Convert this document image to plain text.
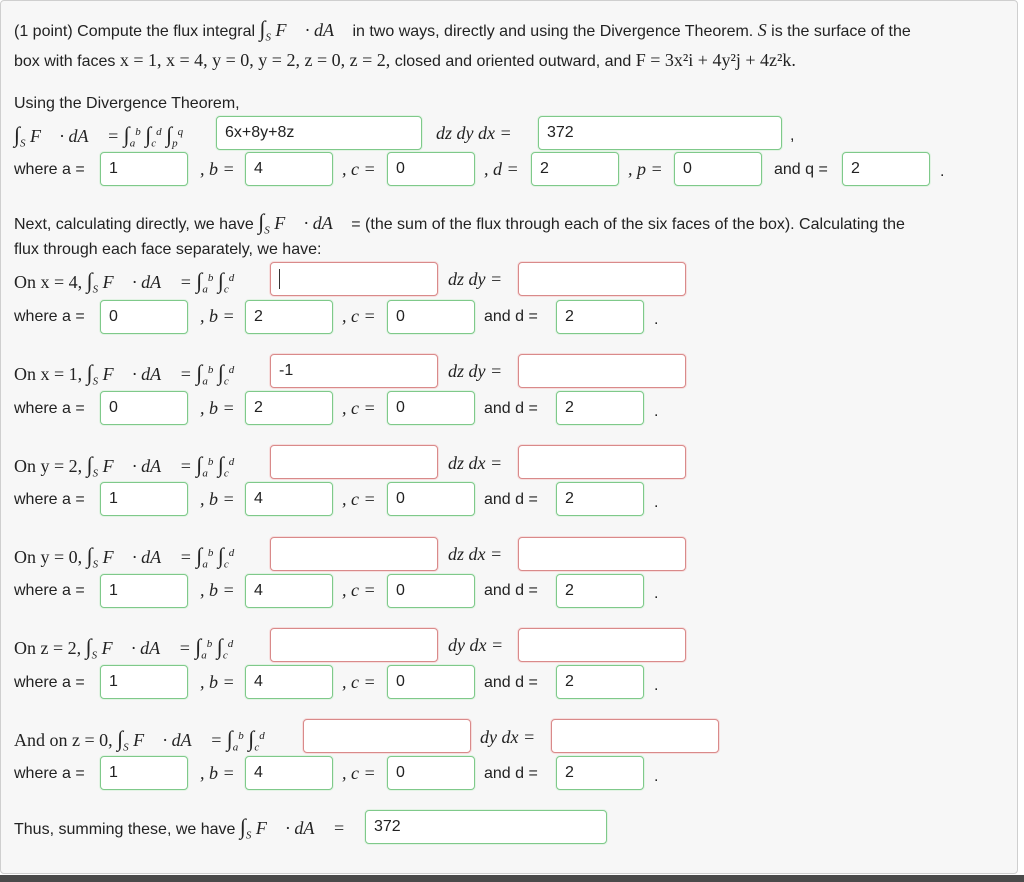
(1 point) Compute the flux integral $\int_S$ F⃗ · dA⃗ in two ways, directly and using the Divergence Theorem. S is the surface of the
box with faces x = 1, x = 4, y = 0, y = 2, z = 0, z = 2, closed and oriented outward, and F = 3x²i + 4y²j + 4z²k.
Using the Divergence Theorem,
$\int_S$ F⃗ · dA⃗ = $\int_a^b$ $\int_c^d$ $\int_p^q$	6x+8y+8z	dz dy dx =	372	,
where a =	1	, b =	4	, c =	0	, d =	2	, p =	0	and q =	2	.
Next, calculating directly, we have $\int_S$ F⃗ · dA⃗ = (the sum of the flux through each of the six faces of the box). Calculating the
flux through each face separately, we have:
On x = 4, $\int_S$ F⃗ · dA⃗ = $\int_a^b$ $\int_c^d$	dz dy =
where a =	0	, b =	2	, c =	0	and d =	2	.
On x = 1, $\int_S$ F⃗ · dA⃗ = $\int_a^b$ $\int_c^d$	-1	dz dy =
where a =	0	, b =	2	, c =	0	and d =	2	.
On y = 2, $\int_S$ F⃗ · dA⃗ = $\int_a^b$ $\int_c^d$	dz dx =
where a =	1	, b =	4	, c =	0	and d =	2	.
On y = 0, $\int_S$ F⃗ · dA⃗ = $\int_a^b$ $\int_c^d$	dz dx =
where a =	1	, b =	4	, c =	0	and d =	2	.
On z = 2, $\int_S$ F⃗ · dA⃗ = $\int_a^b$ $\int_c^d$	dy dx =
where a =	1	, b =	4	, c =	0	and d =	2	.
And on z = 0, $\int_S$ F⃗ · dA⃗ = $\int_a^b$ $\int_c^d$	dy dx =
where a =	1	, b =	4	, c =	0	and d =	2	.
Thus, summing these, we have $\int_S$ F⃗ · dA⃗ =	372
